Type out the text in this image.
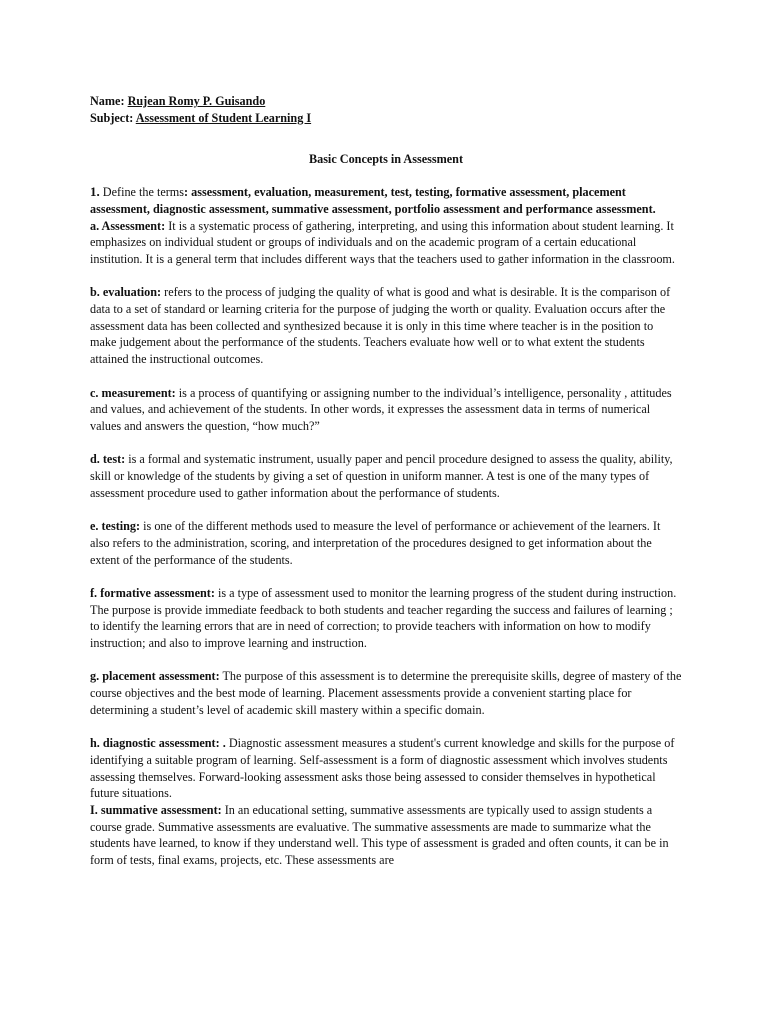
Name: Rujean Romy P. Guisando

Subject: Assessment of Student Learning I

Basic Concepts in Assessment

1. Define the terms: assessment, evaluation, measurement, test, testing, formative assessment, placement assessment, diagnostic assessment, summative assessment, portfolio assessment and performance assessment.

a. Assessment: It is a systematic process of gathering, interpreting, and using this information about student learning. It emphasizes on individual student or groups of individuals and on the academic program of a certain educational institution. It is a general term that includes different ways that the teachers used to gather information in the classroom.

b. evaluation: refers to the process of judging the quality of what is good and what is desirable. It is the comparison of data to a set of standard or learning criteria for the purpose of judging the worth or quality. Evaluation occurs after the assessment data has been collected and synthesized because it is only in this time where teacher is in the position to make judgement about the performance of the students. Teachers evaluate how well or to what extent the students attained the instructional outcomes.

c. measurement: is a process of quantifying or assigning number to the individual’s intelligence, personality , attitudes and values, and achievement of the students. In other words, it expresses the assessment data in terms of numerical values and answers the question, “how much?”

d. test: is a formal and systematic instrument, usually paper and pencil procedure designed to assess the quality, ability, skill or knowledge of the students by giving a set of question in uniform manner. A test is one of the many types of assessment procedure used to gather information about the performance of students.

e. testing: is one of the different methods used to measure the level of performance or achievement of the learners. It also refers to the administration, scoring, and interpretation of the procedures designed to get information about the extent of the performance of the students.

f. formative assessment: is a type of assessment used to monitor the learning progress of the student during instruction. The purpose is provide immediate feedback to both students and teacher regarding the success and failures of learning ; to identify the learning errors that are in need of correction; to provide teachers with information on how to modify instruction; and also to improve learning and instruction.

g. placement assessment: The purpose of this assessment is to determine the prerequisite skills, degree of mastery of the course objectives and the best mode of learning. Placement assessments provide a convenient starting place for determining a student’s level of academic skill mastery within a specific domain.

h. diagnostic assessment: . Diagnostic assessment measures a student's current knowledge and skills for the purpose of identifying a suitable program of learning. Self-assessment is a form of diagnostic assessment which involves students assessing themselves. Forward-looking assessment asks those being assessed to consider themselves in hypothetical future situations.

I. summative assessment: In an educational setting, summative assessments are typically used to assign students a course grade. Summative assessments are evaluative. The summative assessments are made to summarize what the students have learned, to know if they understand well. This type of assessment is graded and often counts, it can be in form of tests, final exams, projects, etc. These assessments are
